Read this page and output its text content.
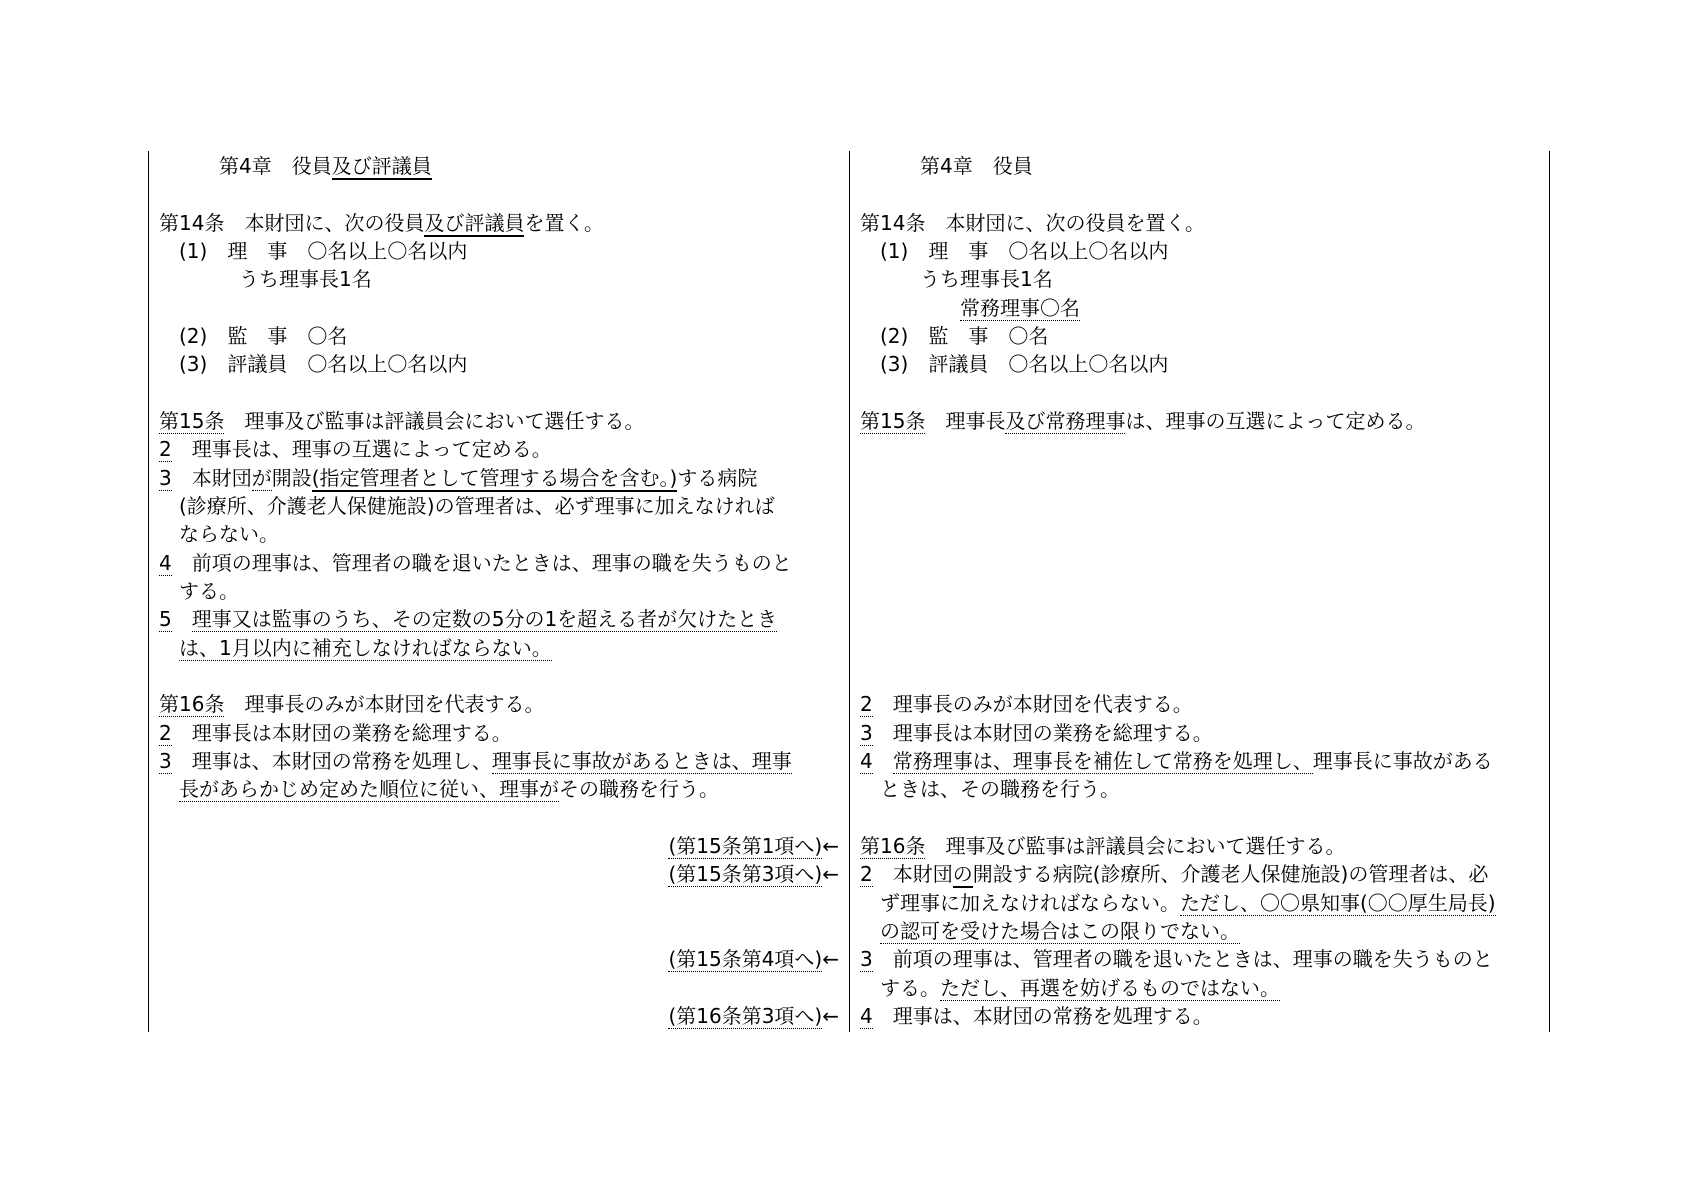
　　　第4章　役員及び評議員
第14条　本財団に、次の役員及び評議員を置く。
　(1)　理　事　〇名以上〇名以内
　　　　うち理事長1名
　(2)　監　事　〇名
　(3)　評議員　〇名以上〇名以内
第15条　理事及び監事は評議員会において選任する。
2　理事長は、理事の互選によって定める。
3　本財団が開設(指定管理者として管理する場合を含む。)する病院
　(診療所、介護老人保健施設)の管理者は、必ず理事に加えなければ
　ならない。
4　前項の理事は、管理者の職を退いたときは、理事の職を失うものと
　する。
5　 理事又は監事のうち、その定数の5分の1を超える者が欠けたとき
　は、1月以内に補充しなければならない。
第16条　理事長のみが本財団を代表する。
2　理事長は本財団の業務を総理する。
3　理事は、本財団の常務を処理し、理事長に事故があるときは、理事
　長があらかじめ定めた順位に従い、理事がその職務を行う。
(第15条第1項へ)←
(第15条第3項へ)←
(第15条第4項へ)←
(第16条第3項へ)←
　　　第4章　役員
第14条　本財団に、次の役員を置く。
　(1)　理　事　〇名以上〇名以内
　　　うち理事長1名
　　　　　常務理事〇名
　(2)　監　事　〇名
　(3)　評議員　〇名以上〇名以内
第15条　理事長及び常務理事は、理事の互選によって定める。
2　理事長のみが本財団を代表する。
3　理事長は本財団の業務を総理する。
4　 常務理事は、理事長を補佐して常務を処理し、理事長に事故がある
　ときは、その職務を行う。
第16条　理事及び監事は評議員会において選任する。
2　本財団の開設する病院(診療所、介護老人保健施設)の管理者は、必
　ず理事に加えなければならない。ただし、〇〇県知事(〇〇厚生局長)
　の認可を受けた場合はこの限りでない。
3　前項の理事は、管理者の職を退いたときは、理事の職を失うものと
　する。ただし、再選を妨げるものではない。
4　理事は、本財団の常務を処理する。
